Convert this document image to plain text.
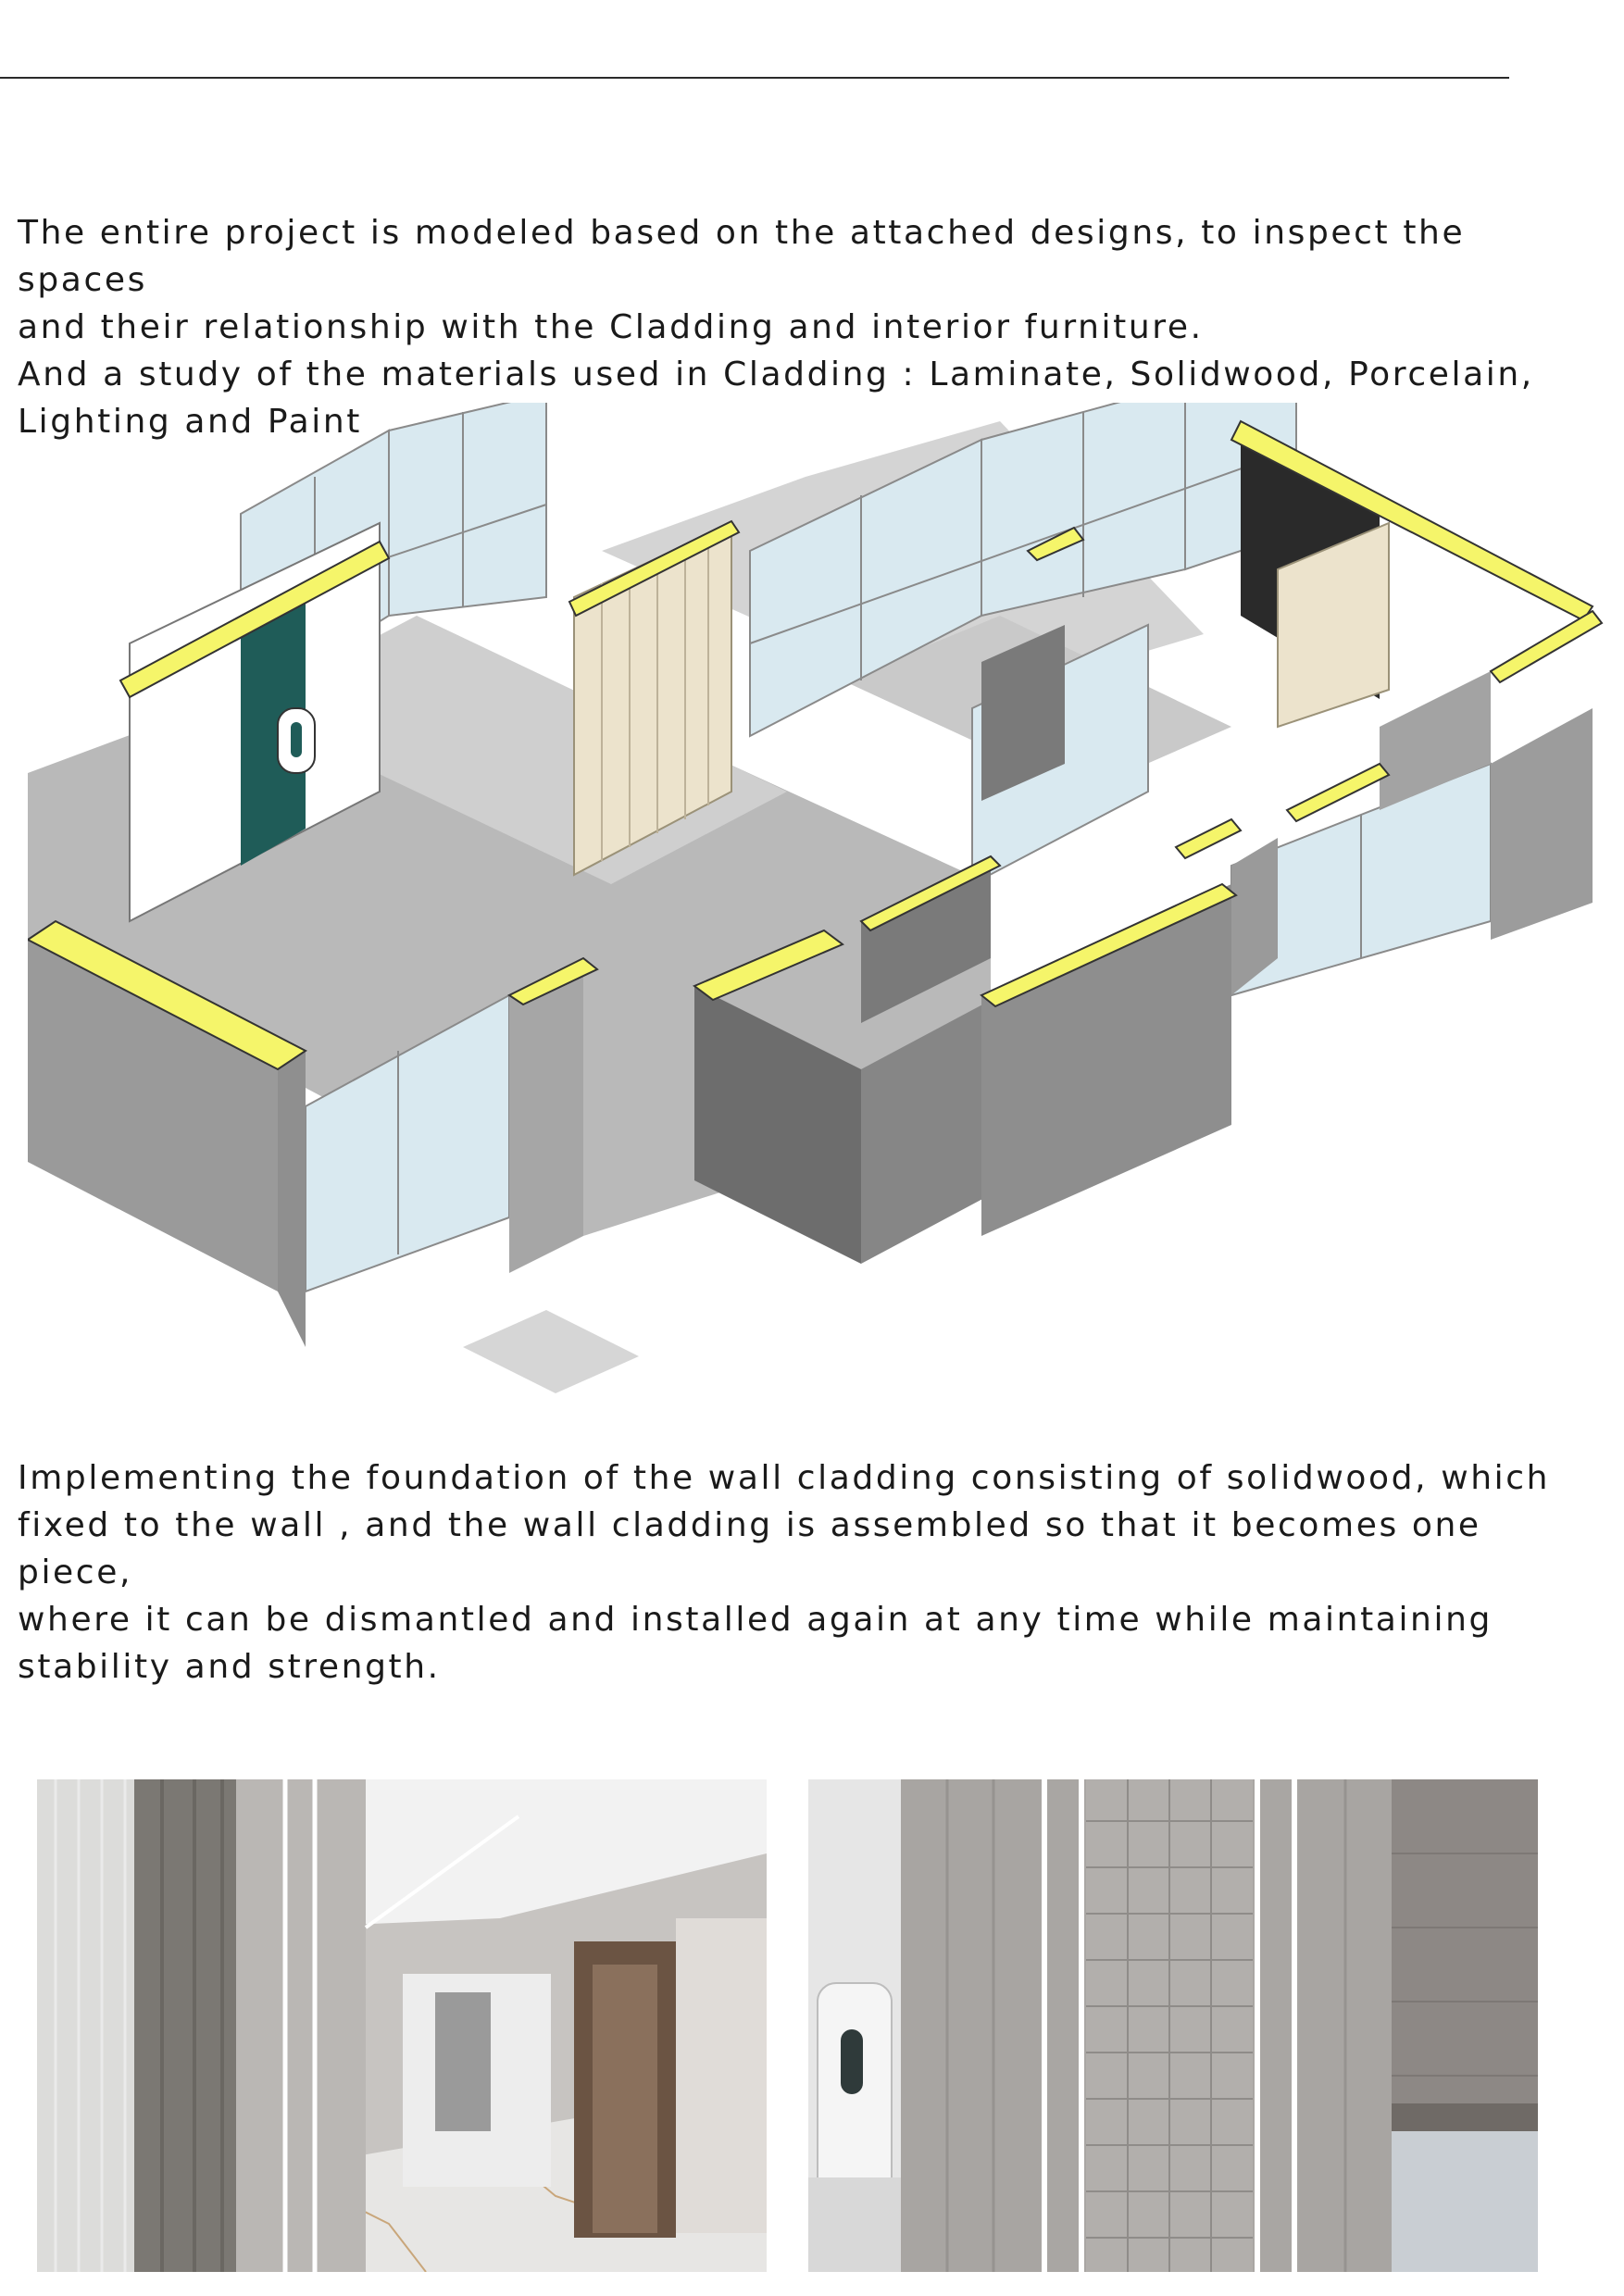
The entire project is modeled based on the attached designs, to inspect the spaces
and their relationship with the Cladding and interior furniture.
And a study of the materials used in Cladding : Laminate, Solidwood, Porcelain,
Lighting and Paint

Implementing the foundation of the wall cladding consisting of solidwood, which
fixed to the wall , and the wall cladding is assembled so that it becomes one piece,
where it can be dismantled and installed again at any time while maintaining
stability and strength.
